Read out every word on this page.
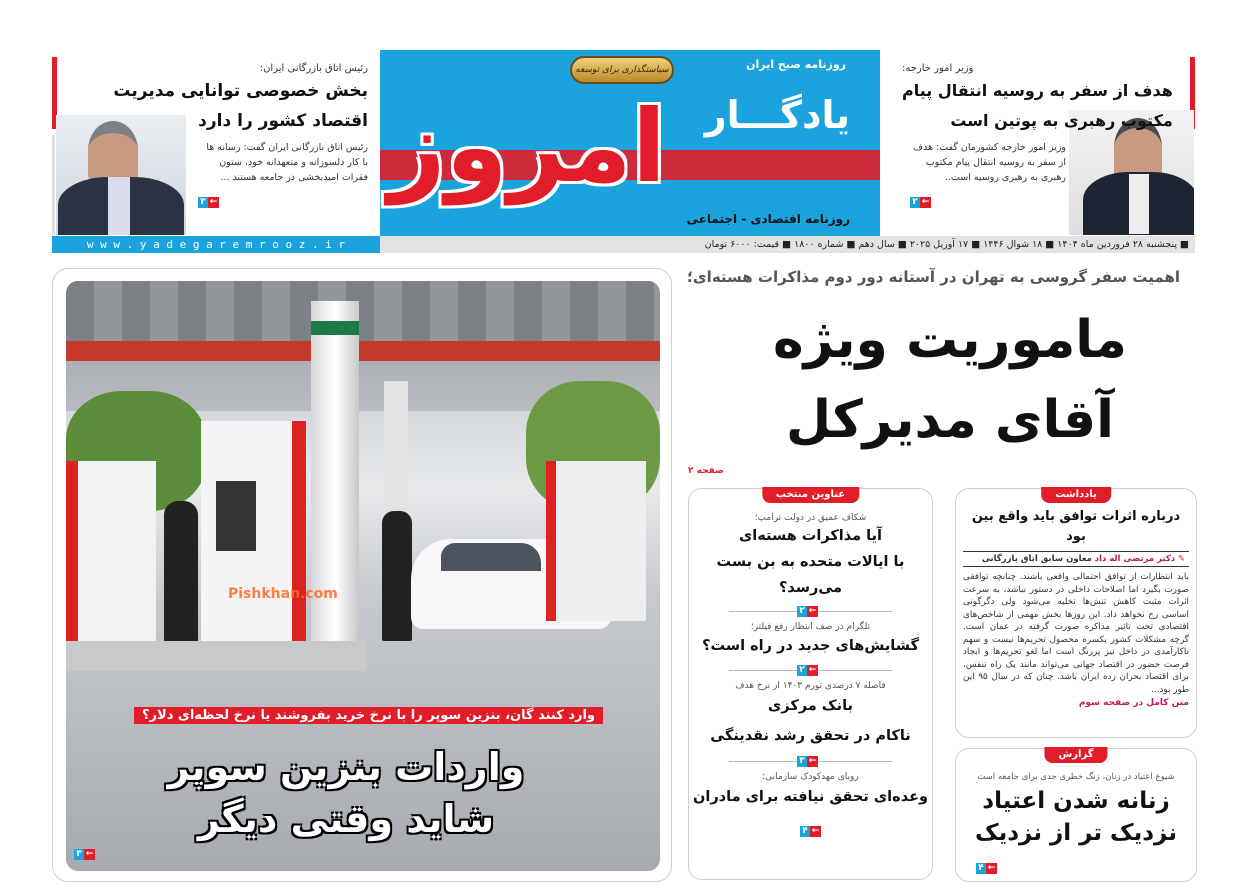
رئیس اتاق بازرگانی ایران:
بخش خصوصی توانایی مدیریت
اقتصاد کشور را دارد
رئیس اتاق بازرگانی ایران گفت: رسانه ها با کار دلسوزانه و متعهدانه خود، ستون فقرات امیدبخشی در جامعه هستند ...
۳ ←
w w w . y a d e g a r e m r o o z . i r
روزنامه صبح ایران
سیاستگذاری برای توسعه
یادگـــار
امروز
روزنامه اقتصادی - اجتماعی
■ پنجشنبه ۲۸ فروردین ماه ۱۴۰۴ ■ ۱۸ شوال ۱۴۴۶ ■ ۱۷ آوریل ۲۰۲۵ ■ سال دهم ■ شماره ۱۸۰۰ ■ قیمت: ۶۰۰۰ تومان
وزیر امور خارجه:
هدف از سفر به روسیه انتقال پیام
مکتوب رهبری به پوتین است
وزیر امور خارجه کشورمان گفت: هدف از سفر به روسیه انتقال پیام مکتوب رهبری به رهبری روسیه است..
۲ ←
اهمیت سفر گروسی به تهران در آستانه دور دوم مذاکرات هسته‌ای؛
ماموریت ویژه
آقای مدیرکل
صفحه ۲
Pishkhan.com
وارد کنند گان، بنزین سوپر را با نرخ خرید بفروشند یا نرخ لحظه‌ای دلار؟
واردات بنزین سوپر
شاید وقتی دیگر
۳ ←
عناوین منتخب
شکاف عمیق در دولت ترامپ؛
آیا مذاکرات هسته‌ای
با ایالات متحده به بن بست می‌رسد؟
۲ ←
تلگرام در صف انتظار رفع فیلتر؛
گشایش‌های جدید در راه است؟
۲ ←
فاصله ۷ درصدی تورم ۱۴۰۳ از نرخ هدف
بانک مرکزی
ناکام در تحقق رشد نقدینگی
۳ ←
رویای مهدکودک سازمانی؛
وعده‌ای تحقق نیافته برای مادران
۴ ←
یادداشت
درباره اثرات توافق باید واقع بین بود
✎ دکتر مرتضی اله داد معاون سابق اتاق بازرگانی
باید انتظارات از توافق احتمالی واقعی باشند. چنانچه توافقی صورت بگیرد اما اصلاحات داخلی در دستور نباشد، به سرعت اثرات مثبت کاهش تنش‌ها تخلیه می‌شود ولی دگرگونی اساسی رخ نخواهد داد. این روزها بخش مهمی از شاخص‌های اقتصادی تحت تاثیر مذاکره صورت گرفته در عمان است. گرچه مشکلات کشور یکسره محصول تحریم‌ها نیست و سهم ناکارآمدی در داخل نیز پررنگ است اما لغو تحریم‌ها و ایجاد فرصت حضور در اقتصاد جهانی می‌تواند مانند یک راه تنفس، برای اقتصاد بحران زده ایران باشد. چنان که در سال ۹۵ این طور بود...
متن کامل در صفحه سوم
گزارش
شیوع اعتیاد در زنان، زنگ خطری جدی برای جامعه است
زنانه شدن اعتیاد
نزدیک تر از نزدیک
۴ ←
